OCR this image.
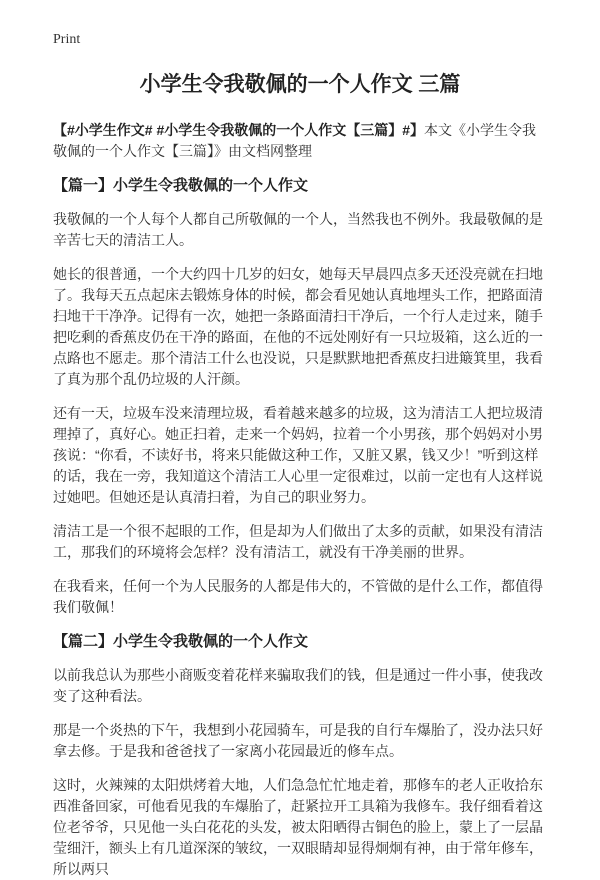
Print
小学生令我敬佩的一个人作文 三篇

【#小学生作文# #小学生令我敬佩的一个人作文【三篇】#】本文《小学生令我敬佩的一个人作文【三篇】》由文档网整理

【篇一】小学生令我敬佩的一个人作文

我敬佩的一个人每个人都自己所敬佩的一个人，当然我也不例外。我最敬佩的是辛苦七天的清洁工人。

她长的很普通，一个大约四十几岁的妇女，她每天早晨四点多天还没亮就在扫地了。我每天五点起床去锻炼身体的时候，都会看见她认真地埋头工作，把路面清扫地干干净净。记得有一次，她把一条路面清扫干净后，一个行人走过来，随手把吃剩的香蕉皮仍在干净的路面，在他的不远处刚好有一只垃圾箱，这么近的一点路也不愿走。那个清洁工什么也没说，只是默默地把香蕉皮扫进簸箕里，我看了真为那个乱仍垃圾的人汗颜。

还有一天，垃圾车没来清理垃圾，看着越来越多的垃圾，这为清洁工人把垃圾清理掉了，真好心。她正扫着，走来一个妈妈，拉着一个小男孩，那个妈妈对小男孩说：“你看，不读好书，将来只能做这种工作，又脏又累，钱又少！”听到这样的话，我在一旁，我知道这个清洁工人心里一定很难过，以前一定也有人这样说过她吧。但她还是认真清扫着，为自己的职业努力。

清洁工是一个很不起眼的工作，但是却为人们做出了太多的贡献，如果没有清洁工，那我们的环境将会怎样？没有清洁工，就没有干净美丽的世界。

在我看来，任何一个为人民服务的人都是伟大的，不管做的是什么工作，都值得我们敬佩！

【篇二】小学生令我敬佩的一个人作文

以前我总认为那些小商贩变着花样来骗取我们的钱，但是通过一件小事，使我改变了这种看法。

那是一个炎热的下午，我想到小花园骑车，可是我的自行车爆胎了，没办法只好拿去修。于是我和爸爸找了一家离小花园最近的修车点。

这时，火辣辣的太阳烘烤着大地，人们急急忙忙地走着，那修车的老人正收拾东西准备回家，可他看见我的车爆胎了，赶紧拉开工具箱为我修车。我仔细看着这位老爷爷，只见他一头白花花的头发，被太阳晒得古铜色的脸上，蒙上了一层晶莹细汗，额头上有几道深深的皱纹，一双眼睛却显得炯炯有神，由于常年修车，所以两只
